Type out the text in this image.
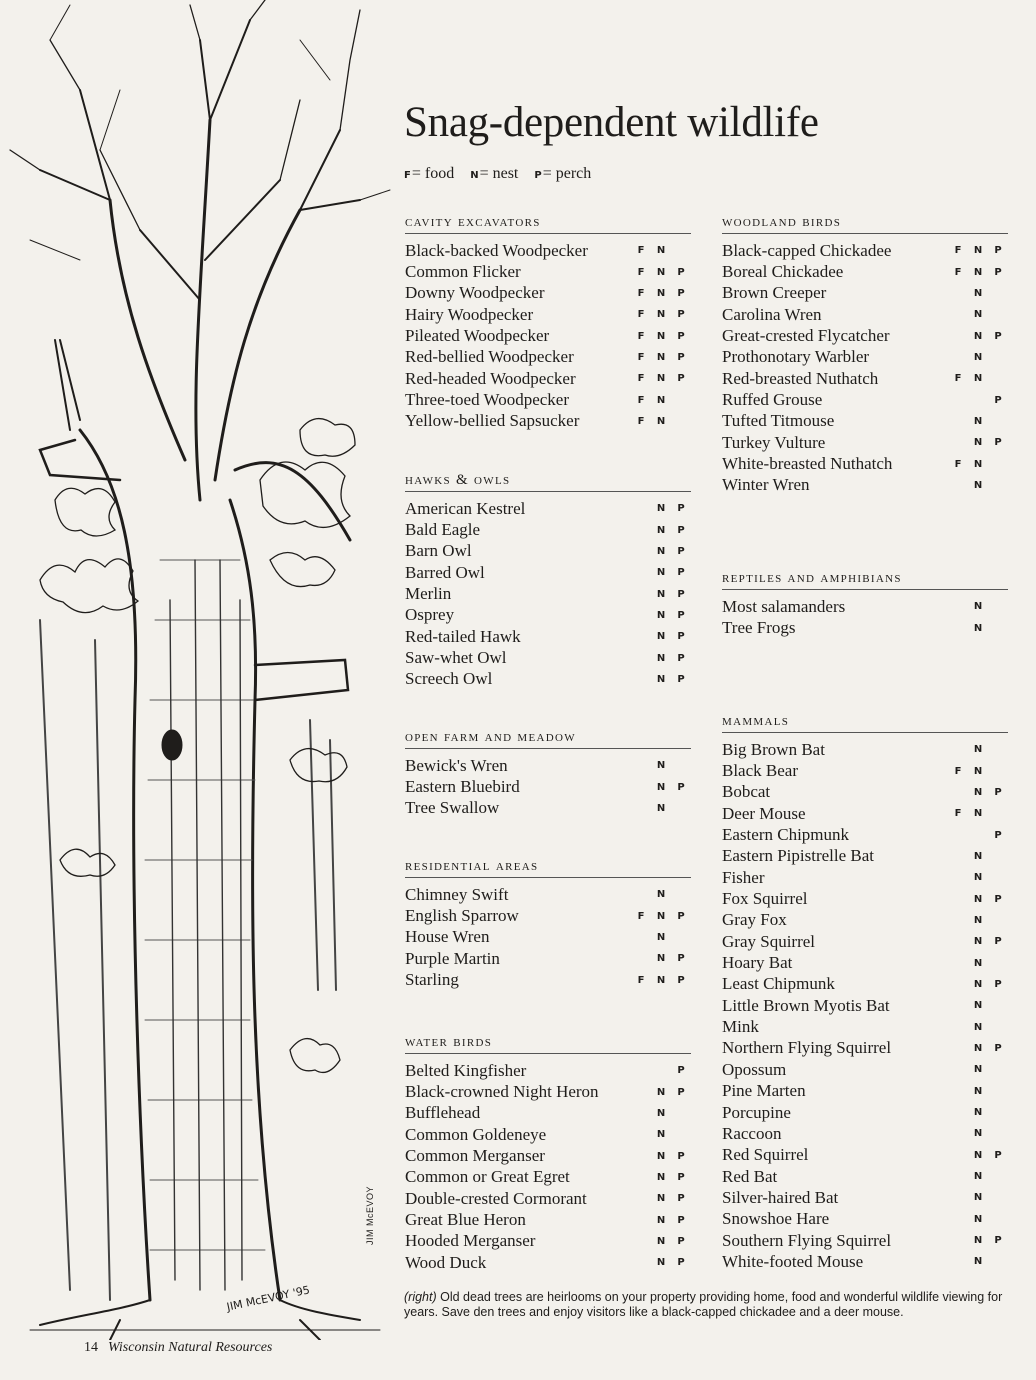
JIM McEVOY
JIM McEVOY '95
Snag-dependent wildlife
F= food N= nest P= perch
cavity excavators
Black-backed Woodpecker	F	N
Common Flicker	F	N	P
Downy Woodpecker	F	N	P
Hairy Woodpecker	F	N	P
Pileated Woodpecker	F	N	P
Red-bellied Woodpecker	F	N	P
Red-headed Woodpecker	F	N	P
Three-toed Woodpecker	F	N
Yellow-bellied Sapsucker	F	N
hawks & owls
American Kestrel	N	P
Bald Eagle	N	P
Barn Owl	N	P
Barred Owl	N	P
Merlin	N	P
Osprey	N	P
Red-tailed Hawk	N	P
Saw-whet Owl	N	P
Screech Owl	N	P
open farm and meadow
Bewick's Wren	N
Eastern Bluebird	N	P
Tree Swallow	N
residential areas
Chimney Swift	N
English Sparrow	F	N	P
House Wren	N
Purple Martin	N	P
Starling	F	N	P
water birds
Belted Kingfisher	P
Black-crowned Night Heron	N	P
Bufflehead	N
Common Goldeneye	N
Common Merganser	N	P
Common or Great Egret	N	P
Double-crested Cormorant	N	P
Great Blue Heron	N	P
Hooded Merganser	N	P
Wood Duck	N	P
woodland birds
Black-capped Chickadee	F	N	P
Boreal Chickadee	F	N	P
Brown Creeper	N
Carolina Wren	N
Great-crested Flycatcher	N	P
Prothonotary Warbler	N
Red-breasted Nuthatch	F	N
Ruffed Grouse	P
Tufted Titmouse	N
Turkey Vulture	N	P
White-breasted Nuthatch	F	N
Winter Wren	N
reptiles and amphibians
Most salamanders	N
Tree Frogs	N
mammals
Big Brown Bat	N
Black Bear	F	N
Bobcat	N	P
Deer Mouse	F	N
Eastern Chipmunk	P
Eastern Pipistrelle Bat	N
Fisher	N
Fox Squirrel	N	P
Gray Fox	N
Gray Squirrel	N	P
Hoary Bat	N
Least Chipmunk	N	P
Little Brown Myotis Bat	N
Mink	N
Northern Flying Squirrel	N	P
Opossum	N
Pine Marten	N
Porcupine	N
Raccoon	N
Red Squirrel	N	P
Red Bat	N
Silver-haired Bat	N
Snowshoe Hare	N
Southern Flying Squirrel	N	P
White-footed Mouse	N
(right) Old dead trees are heirlooms on your property providing home, food and wonderful wildlife viewing for years. Save den trees and enjoy visitors like a black-capped chickadee and a deer mouse.
14 Wisconsin Natural Resources
